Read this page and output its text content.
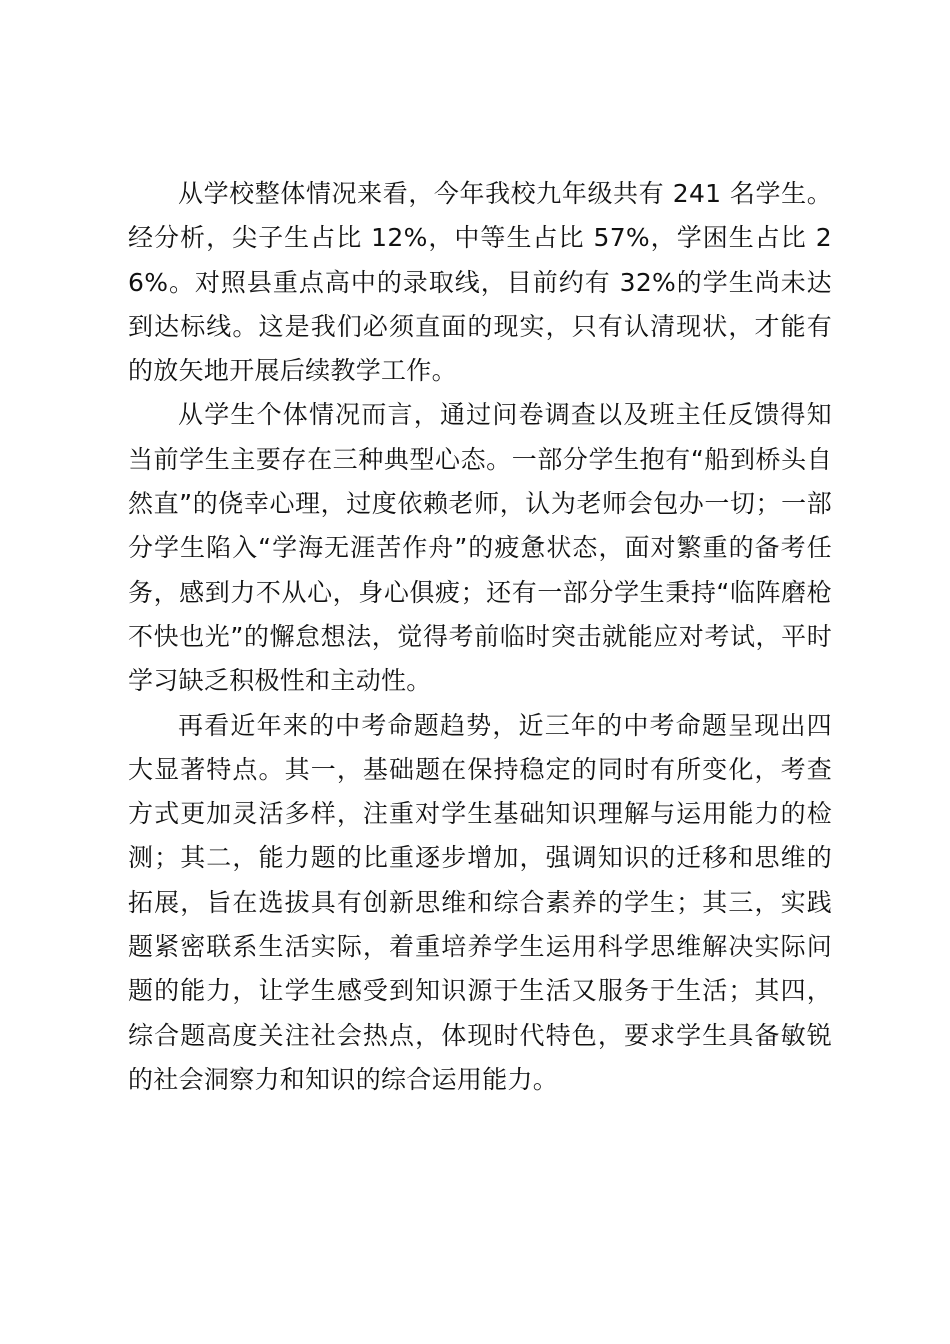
从学校整体情况来看，今年我校九年级共有 241 名学生。经分析，尖子生占比 12%，中等生占比 57%，学困生占比 26%。对照县重点高中的录取线，目前约有 32%的学生尚未达到达标线。这是我们必须直面的现实，只有认清现状，才能有的放矢地开展后续教学工作。

从学生个体情况而言，通过问卷调查以及班主任反馈得知当前学生主要存在三种典型心态。一部分学生抱有“船到桥头自然直”的侥幸心理，过度依赖老师，认为老师会包办一切；一部分学生陷入“学海无涯苦作舟”的疲惫状态，面对繁重的备考任务，感到力不从心，身心俱疲；还有一部分学生秉持“临阵磨枪不快也光”的懈怠想法，觉得考前临时突击就能应对考试，平时学习缺乏积极性和主动性。

再看近年来的中考命题趋势，近三年的中考命题呈现出四大显著特点。其一，基础题在保持稳定的同时有所变化，考查方式更加灵活多样，注重对学生基础知识理解与运用能力的检测；其二，能力题的比重逐步增加，强调知识的迁移和思维的拓展，旨在选拔具有创新思维和综合素养的学生；其三，实践题紧密联系生活实际，着重培养学生运用科学思维解决实际问题的能力，让学生感受到知识源于生活又服务于生活；其四，综合题高度关注社会热点，体现时代特色，要求学生具备敏锐的社会洞察力和知识的综合运用能力。
